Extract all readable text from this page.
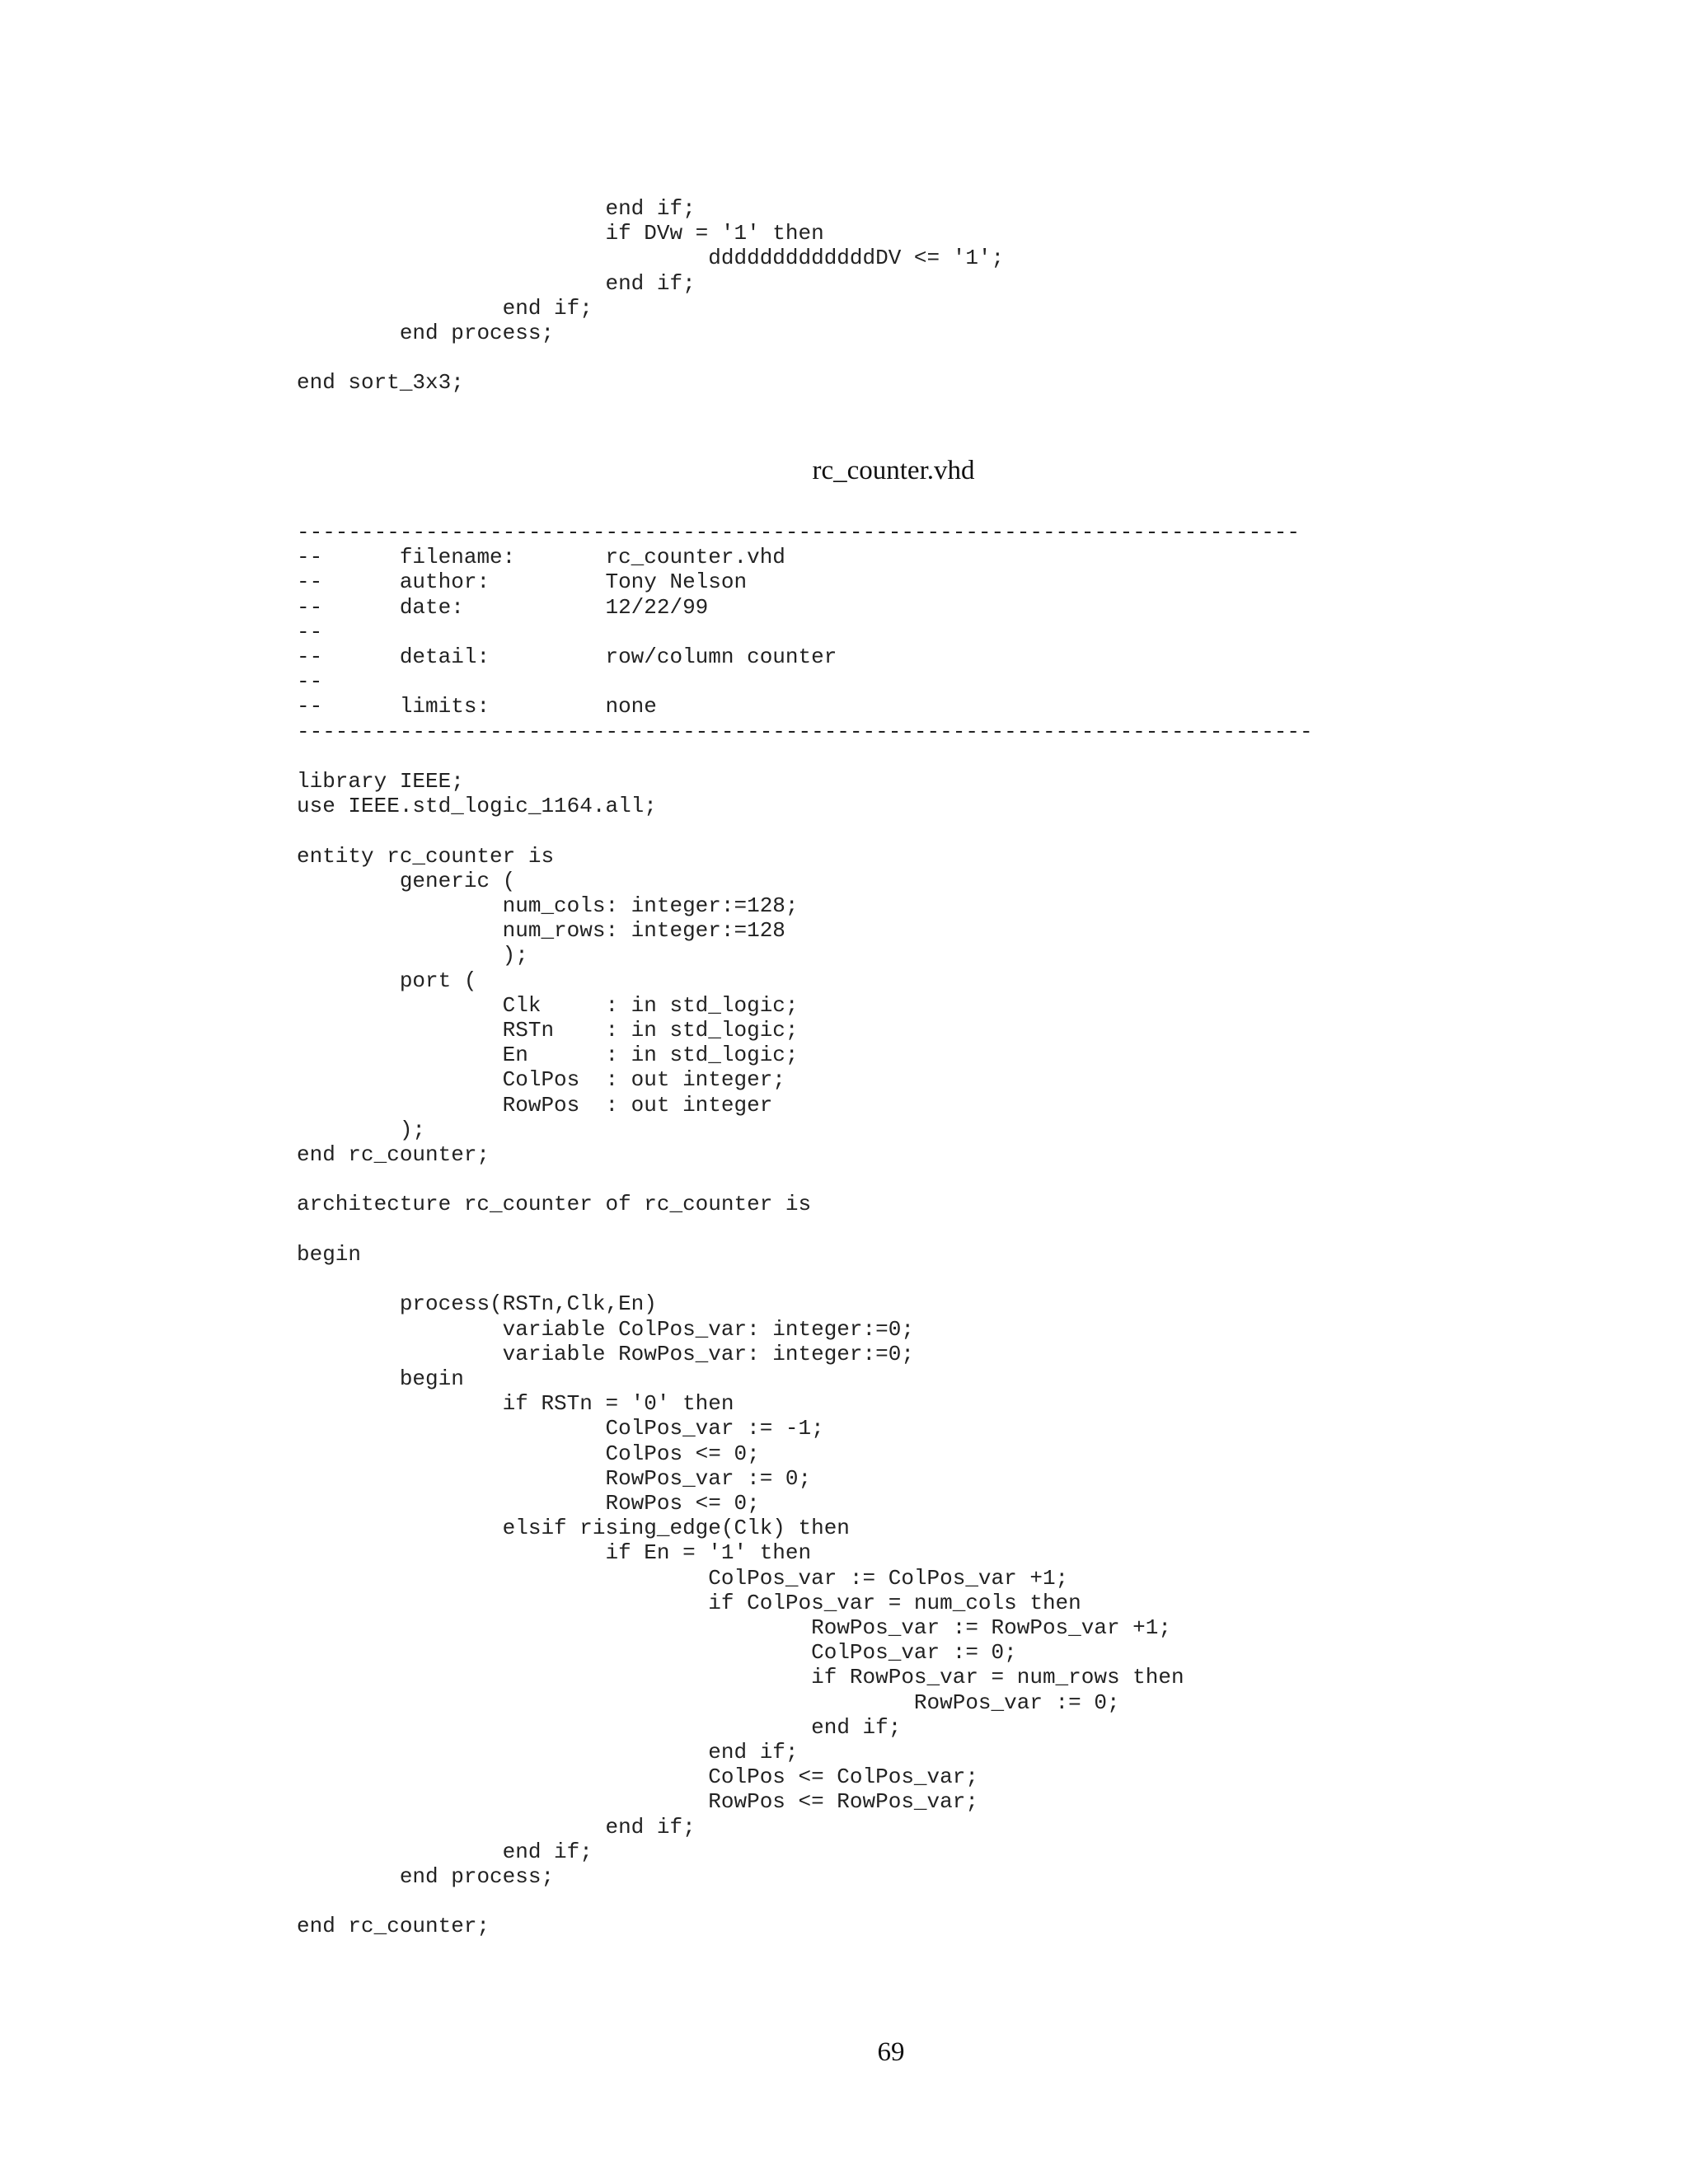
			end if;
			if DVw = '1' then
				dddddddddddddDV <= '1';
			end if;
		end if;
	end process;

end sort_3x3;
rc_counter.vhd
------------------------------------------------------------------------------
--	filename:	rc_counter.vhd
--	author:		Tony Nelson
--	date:		12/22/99
--
--	detail:		row/column counter
--
--	limits:		none
-------------------------------------------------------------------------------

library IEEE;
use IEEE.std_logic_1164.all;

entity rc_counter is
	generic (
		num_cols: integer:=128;
		num_rows: integer:=128
		);
	port (
		Clk	: in std_logic;
		RSTn	: in std_logic;
		En	: in std_logic;
		ColPos	: out integer;
		RowPos	: out integer
	);
end rc_counter;

architecture rc_counter of rc_counter is

begin

	process(RSTn,Clk,En)
		variable ColPos_var: integer:=0;
		variable RowPos_var: integer:=0;
	begin
		if RSTn = '0' then
			ColPos_var := -1;
			ColPos <= 0;
			RowPos_var := 0;
			RowPos <= 0;
		elsif rising_edge(Clk) then
			if En = '1' then
				ColPos_var := ColPos_var +1;
				if ColPos_var = num_cols then
					RowPos_var := RowPos_var +1;
					ColPos_var := 0;
					if RowPos_var = num_rows then
						RowPos_var := 0;
					end if;
				end if;
				ColPos <= ColPos_var;
				RowPos <= RowPos_var;
			end if;
		end if;
	end process;

end rc_counter;
69
